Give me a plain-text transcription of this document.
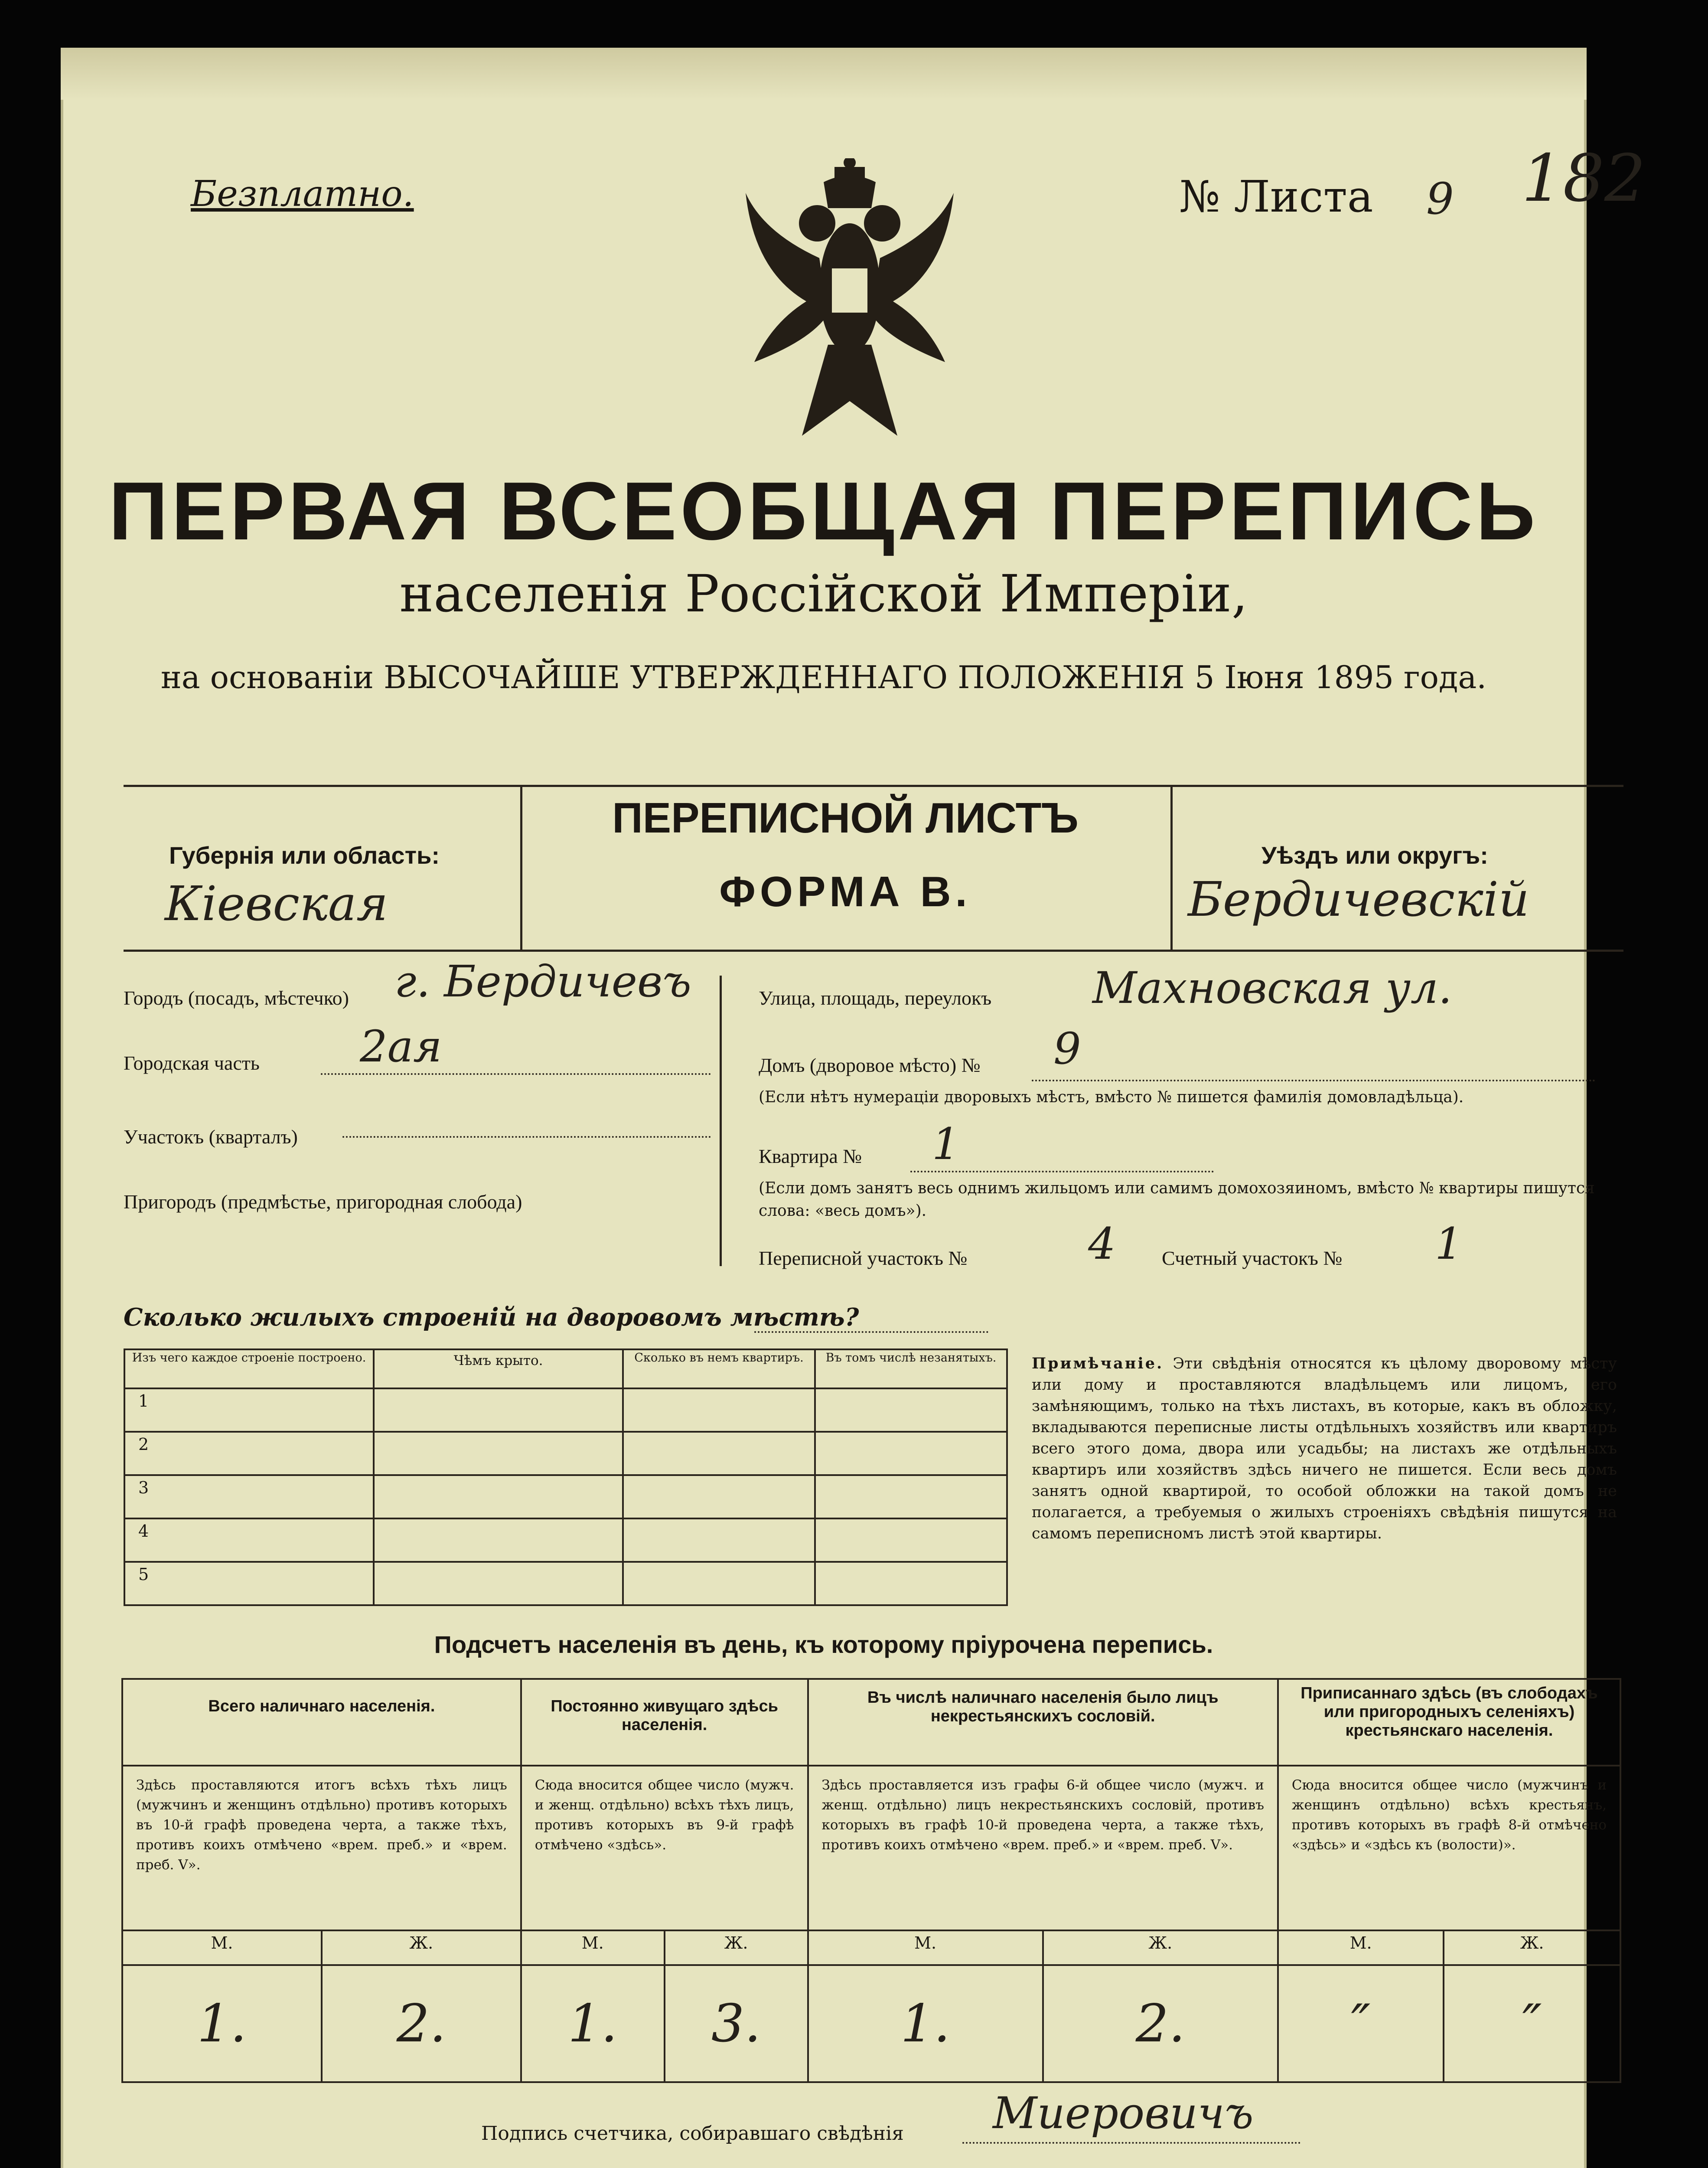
Безплатно.	№ Листа 9 182
ПЕРВАЯ ВСЕОБЩАЯ ПЕРЕПИСЬ
населенія Россійской Имперіи,
на основаніи ВЫСОЧАЙШЕ УТВЕРЖДЕННАГО ПОЛОЖЕНІЯ 5 Іюня 1895 года.
Губернія или область:
Кіевская
ПЕРЕПИСНОЙ ЛИСТЪ
ФОРМА В.
Уѣздъ или округъ:
Бердичевскій
Городъ (посадъ, мѣстечко) г. Бердичевъ
Городская часть 2ая
Участокъ (кварталъ)
Пригородъ (предмѣстье, пригородная слобода)
Улица, площадь, переулокъ Махновская ул.
Домъ (дворовое мѣсто) № 9
(Если нѣтъ нумераціи дворовыхъ мѣстъ, вмѣсто № пишется фамилія домовладѣльца).
Квартира № 1
(Если домъ занятъ весь однимъ жильцомъ или самимъ домохозяиномъ, вмѣсто № квартиры пишутся слова: «весь домъ»).
Переписной участокъ №	4 Счетный участокъ № 1
Сколько жилыхъ строеній на дворовомъ мѣстѣ?
Изъ чего каждое строеніе построено.	Чѣмъ крыто.	Сколько въ немъ квартиръ.	Въ томъ числѣ незанятыхъ.
1			
2			
3			
4			
5			
Примѣчаніе. Эти свѣдѣнія относятся къ цѣлому дворовому мѣсту или дому и проставляются владѣльцемъ или лицомъ, его замѣняющимъ, только на тѣхъ листахъ, въ которые, какъ въ обложку, вкладываются переписные листы отдѣльныхъ хозяйствъ или квартиръ всего этого дома, двора или усадьбы; на листахъ же отдѣльныхъ квартиръ или хозяйствъ здѣсь ничего не пишется. Если весь домъ занятъ одной квартирой, то особой обложки на такой домъ не полагается, а требуемыя о жилыхъ строеніяхъ свѣдѣнія пишутся на самомъ переписномъ листѣ этой квартиры.
Подсчетъ населенія въ день, къ которому пріурочена перепись.
Всего наличнаго населенія.		Постоянно живущаго здѣсь населенія.		Въ числѣ наличнаго населенія было лицъ некрестьянскихъ сословій.		Приписаннаго здѣсь (въ слободахъ или пригородныхъ селеніяхъ) крестьянскаго населенія.	
Здѣсь проставляются итогъ всѣхъ тѣхъ лицъ (мужчинъ и женщинъ отдѣльно) противъ которыхъ въ 10-й графѣ проведена черта, а также тѣхъ, противъ коихъ отмѣчено «врем. преб.» и «врем. преб. V».		Сюда вносится общее число (мужч. и женщ. отдѣльно) всѣхъ тѣхъ лицъ, противъ которыхъ въ 9-й графѣ отмѣчено «здѣсь».		Здѣсь проставляется изъ графы 6-й общее число (мужч. и женщ. отдѣльно) лицъ некрестьянскихъ сословій, противъ которыхъ въ графѣ 10-й проведена черта, а также тѣхъ, противъ коихъ отмѣчено «врем. преб.» и «врем. преб. V».		Сюда вносится общее число (мужчинъ и женщинъ отдѣльно) всѣхъ крестьянъ, противъ которыхъ въ графѣ 8-й отмѣчено «здѣсь» и «здѣсь къ (волости)».	
М.	Ж.	М.	Ж.	М.	Ж.	М.	Ж.
1.	2.	1.	3.	1.	2.	″	″
Подпись счетчика, собиравшаго свѣдѣнія Миеровичъ
